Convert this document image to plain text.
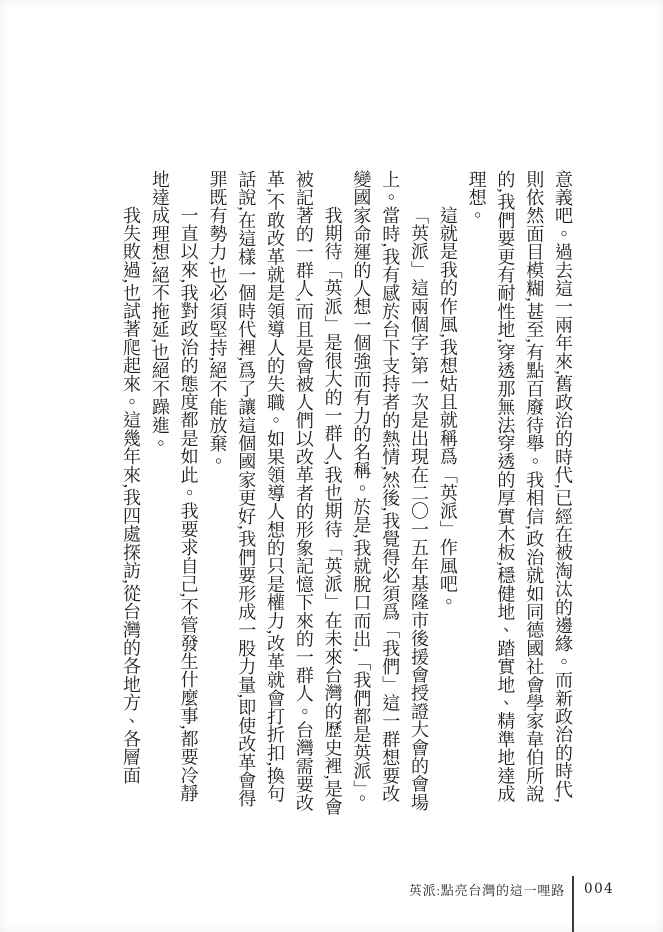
意義吧。過去這一兩年來,舊政治的時代,已經在被淘汰的邊緣。而新政治的時代,則依然面目模糊,甚至,有點百廢待舉。我相信,政治就如同德國社會學家韋伯所說的,我們要更有耐性地,穿透那無法穿透的厚實木板,穩健地、踏實地、精準地達成理想。

這就是我的作風,我想姑且就稱爲「英派」作風吧。

「英派」這兩個字,第一次是出現在二〇一五年基隆市後援會授證大會的會場上。當時,我有感於台下支持者的熱情,然後,我覺得必須爲「我們」這一群想要改變國家命運的人想一個強而有力的名稱。於是,我就脫口而出,「我們都是英派」。

我期待「英派」是很大的一群人,我也期待「英派」在未來台灣的歷史裡,是會被記著的一群人,而且是會被人們以改革者的形象記憶下來的一群人。台灣需要改革,不敢改革就是領導人的失職。如果領導人想的只是權力,改革就會打折扣,換句話說,在這樣一個時代裡,爲了讓這個國家更好,我們要形成一股力量,即使改革會得罪既有勢力,也必須堅持,絕不能放棄。

一直以來,我對政治的態度都是如此。我要求自己,不管發生什麼事,都要冷靜地達成理想,絕不拖延,也絕不躁進。

我失敗過,也試著爬起來。這幾年來,我四處探訪,從台灣的各地方、各層面

英派:點亮台灣的這一哩路 004
